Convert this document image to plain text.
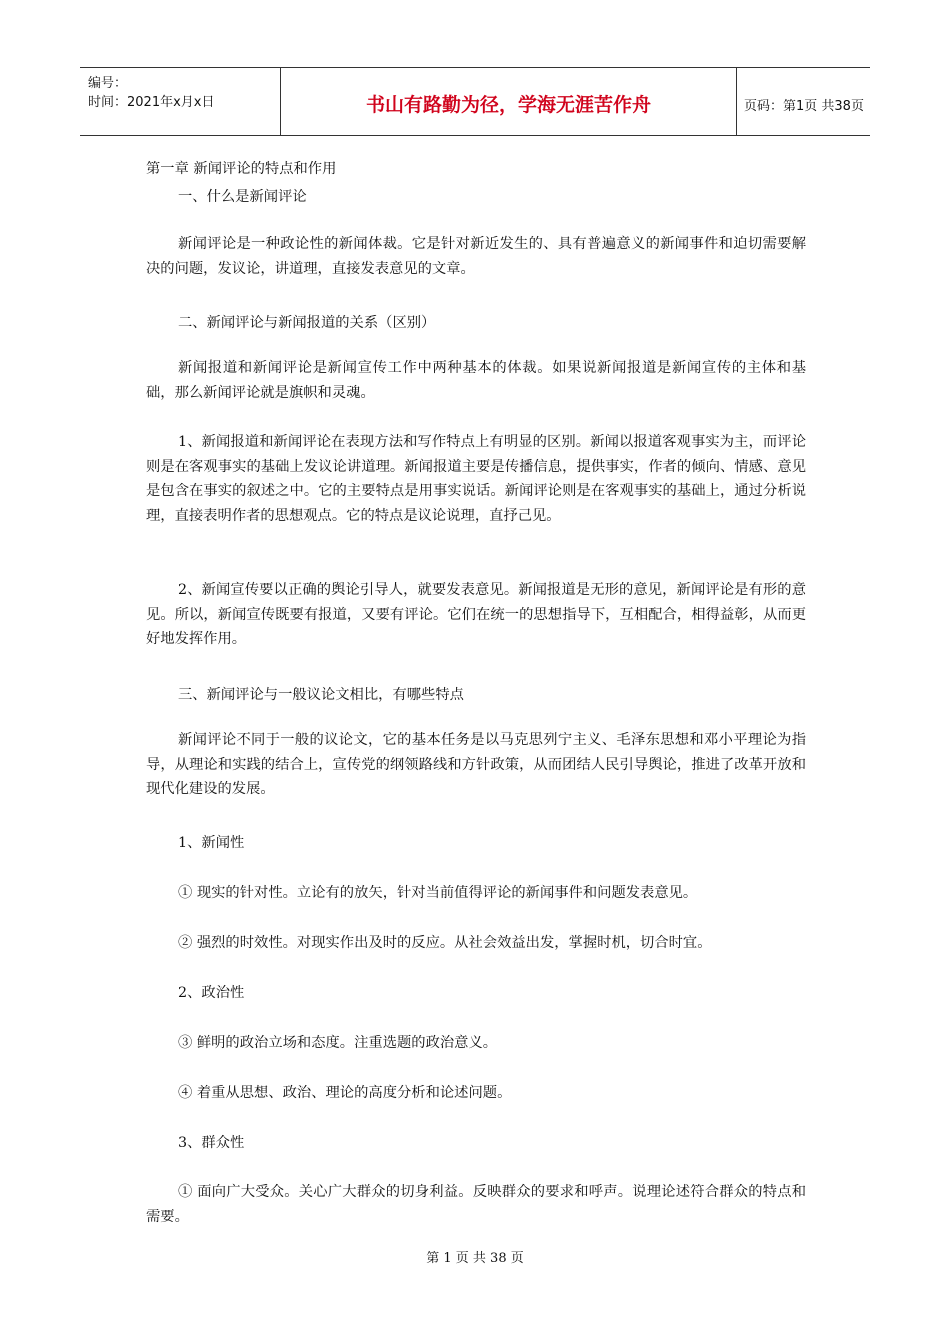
编号：
时间：2021年x月x日	书山有路勤为径，学海无涯苦作舟	页码：第1页 共38页
第一章 新闻评论的特点和作用
一、什么是新闻评论
新闻评论是一种政论性的新闻体裁。它是针对新近发生的、具有普遍意义的新闻事件和迫切需要解决的问题，发议论，讲道理，直接发表意见的文章。
二、新闻评论与新闻报道的关系（区别）
新闻报道和新闻评论是新闻宣传工作中两种基本的体裁。如果说新闻报道是新闻宣传的主体和基础，那么新闻评论就是旗帜和灵魂。
1、新闻报道和新闻评论在表现方法和写作特点上有明显的区别。新闻以报道客观事实为主，而评论则是在客观事实的基础上发议论讲道理。新闻报道主要是传播信息，提供事实，作者的倾向、情感、意见是包含在事实的叙述之中。它的主要特点是用事实说话。新闻评论则是在客观事实的基础上，通过分析说理，直接表明作者的思想观点。它的特点是议论说理，直抒己见。
2、新闻宣传要以正确的舆论引导人，就要发表意见。新闻报道是无形的意见，新闻评论是有形的意见。所以，新闻宣传既要有报道，又要有评论。它们在统一的思想指导下，互相配合，相得益彰，从而更好地发挥作用。
三、新闻评论与一般议论文相比，有哪些特点
新闻评论不同于一般的议论文，它的基本任务是以马克思列宁主义、毛泽东思想和邓小平理论为指导，从理论和实践的结合上，宣传党的纲领路线和方针政策，从而团结人民引导舆论，推进了改革开放和现代化建设的发展。
1、新闻性
① 现实的针对性。立论有的放矢，针对当前值得评论的新闻事件和问题发表意见。
② 强烈的时效性。对现实作出及时的反应。从社会效益出发，掌握时机，切合时宜。
2、政治性
③ 鲜明的政治立场和态度。注重选题的政治意义。
④ 着重从思想、政治、理论的高度分析和论述问题。
3、群众性
① 面向广大受众。关心广大群众的切身利益。反映群众的要求和呼声。说理论述符合群众的特点和需要。
第 1 页 共 38 页
